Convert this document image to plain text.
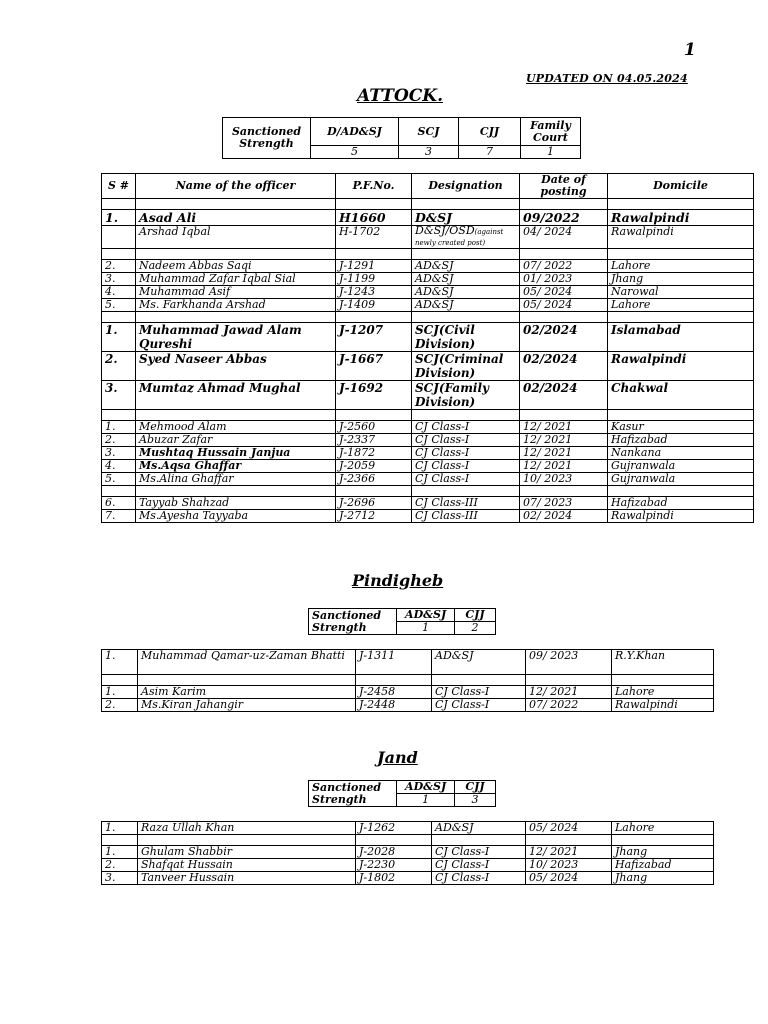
1
UPDATED ON 04.05.2024
ATTOCK.
Sanctioned Strength	D/AD&SJ	SCJ	CJJ	Family Court
	5	3	7	1
S #	Name of the officer	P.F.No.	Designation	Date of posting	Domicile

1.	Asad Ali	H1660	D&SJ	09/2022	Rawalpindi
	Arshad Iqbal	H-1702	D&SJ/OSD(against newly created post)	04/ 2024	Rawalpindi

2.	Nadeem Abbas Saqi	J-1291	AD&SJ	07/ 2022	Lahore
3.	Muhammad Zafar Iqbal Sial	J-1199	AD&SJ	01/ 2023	Jhang
4.	Muhammad Asif	J-1243	AD&SJ	05/ 2024	Narowal
5.	Ms. Farkhanda Arshad	J-1409	AD&SJ	05/ 2024	Lahore

1.	Muhammad Jawad Alam Qureshi	J-1207	SCJ(Civil Division)	02/2024	Islamabad
2.	Syed Naseer Abbas	J-1667	SCJ(Criminal Division)	02/2024	Rawalpindi
3.	Mumtaz Ahmad Mughal	J-1692	SCJ(Family Division)	02/2024	Chakwal

1.	Mehmood Alam	J-2560	CJ Class-I	12/ 2021	Kasur
2.	Abuzar Zafar	J-2337	CJ Class-I	12/ 2021	Hafizabad
3.	Mushtaq Hussain Janjua	J-1872	CJ Class-I	12/ 2021	Nankana
4.	Ms.Aqsa Ghaffar	J-2059	CJ Class-I	12/ 2021	Gujranwala
5.	Ms.Alina Ghaffar	J-2366	CJ Class-I	10/ 2023	Gujranwala

6.	Tayyab Shahzad	J-2696	CJ Class-III	07/ 2023	Hafizabad
7.	Ms.Ayesha Tayyaba	J-2712	CJ Class-III	02/ 2024	Rawalpindi
Pindigheb
Sanctioned Strength	AD&SJ	CJJ
	1	2
1.	Muhammad Qamar-uz-Zaman Bhatti	J-1311	AD&SJ	09/ 2023	R.Y.Khan

1.	Asim Karim	J-2458	CJ Class-I	12/ 2021	Lahore
2.	Ms.Kiran Jahangir	J-2448	CJ Class-I	07/ 2022	Rawalpindi
Jand
Sanctioned Strength	AD&SJ	CJJ
	1	3
1.	Raza Ullah Khan	J-1262	AD&SJ	05/ 2024	Lahore

1.	Ghulam Shabbir	J-2028	CJ Class-I	12/ 2021	Jhang
2.	Shafqat Hussain	J-2230	CJ Class-I	10/ 2023	Hafizabad
3.	Tanveer Hussain	J-1802	CJ Class-I	05/ 2024	Jhang
